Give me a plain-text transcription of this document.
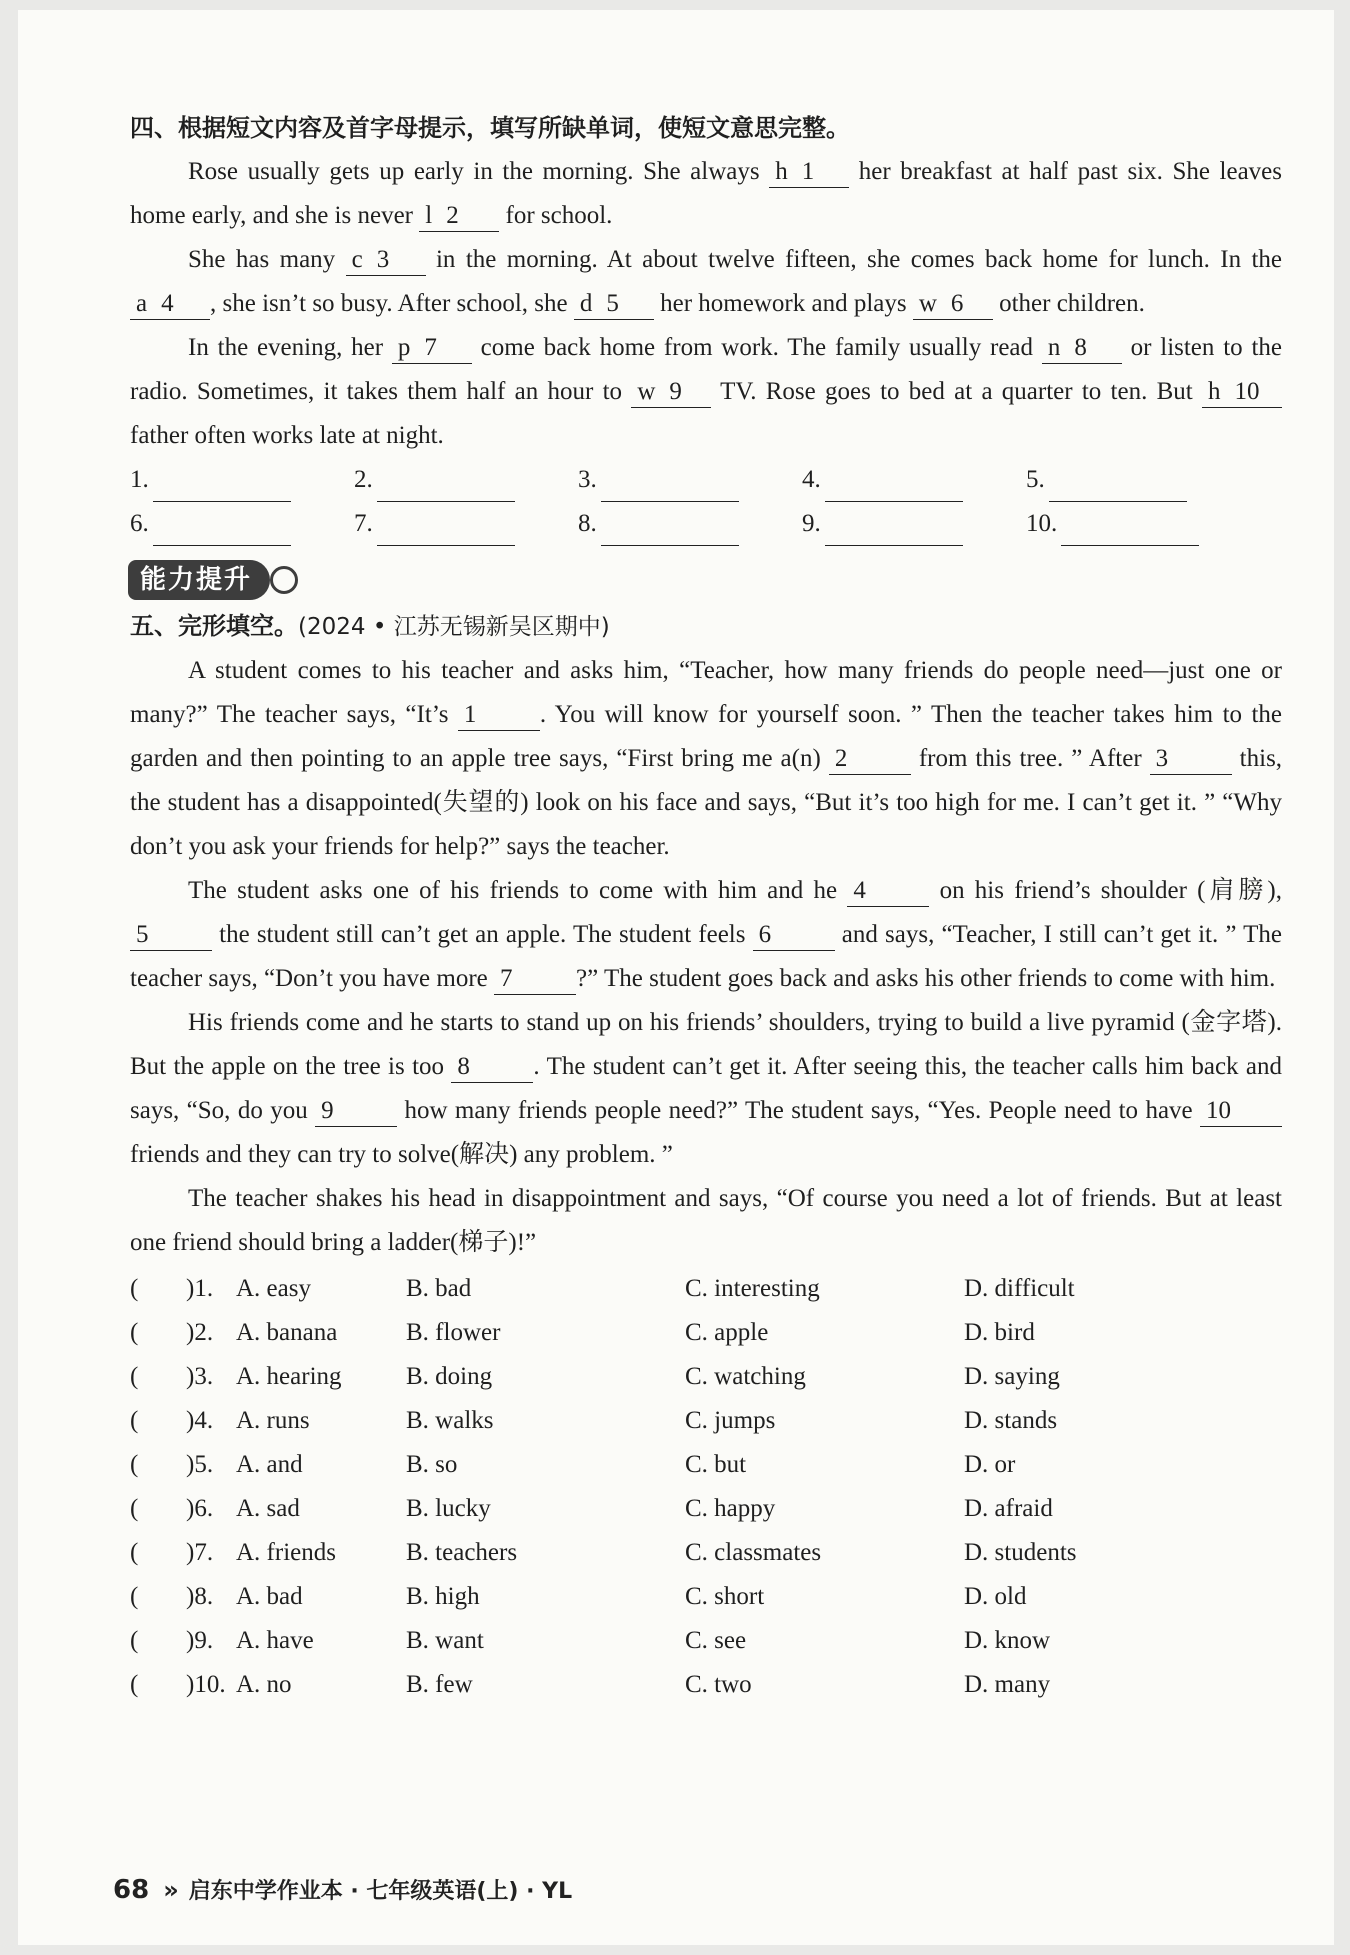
四、根据短文内容及首字母提示，填写所缺单词，使短文意思完整。

Rose usually gets up early in the morning. She always h 1 her breakfast at half past six. She leaves home early, and she is never l 2 for school.

She has many c 3 in the morning. At about twelve fifteen, she comes back home for lunch. In the a 4 , she isn’t so busy. After school, she d 5 her homework and plays w 6 other children.

In the evening, her p 7 come back home from work. The family usually read n 8 or listen to the radio. Sometimes, it takes them half an hour to w 9 TV. Rose goes to bed at a quarter to ten. But h 10 father often works late at night.

1.	2.	3.	4.	5.
6.	7.	8.	9.	10.
能力提升
五、完形填空。(2024 • 江苏无锡新吴区期中)

A student comes to his teacher and asks him, “Teacher, how many friends do people need—just one or many?” The teacher says, “It’s 1	. You will know for yourself soon. ” Then the teacher takes him to the garden and then pointing to an apple tree says, “First bring me a(n) 2	from this tree. ” After 3	this, the student has a disappointed(失望的) look on his face and says, “But it’s too high for me. I can’t get it. ” “Why don’t you ask your friends for help?” says the teacher.

The student asks one of his friends to come with him and he 4	on his friend’s shoulder (肩膀), 5	the student still can’t get an apple. The student feels 6	and says, “Teacher, I still can’t get it. ” The teacher says, “Don’t you have more 7	?” The student goes back and asks his other friends to come with him.

His friends come and he starts to stand up on his friends’ shoulders, trying to build a live pyramid (金字塔). But the apple on the tree is too 8	. The student can’t get it. After seeing this, the teacher calls him back and says, “So, do you 9	how many friends people need?” The student says, “Yes. People need to have 10 friends and they can try to solve(解决) any problem. ”

The teacher shakes his head in disappointment and says, “Of course you need a lot of friends. But at least one friend should bring a ladder(梯子)!”

(	)1. A. easy	B. bad	C. interesting	D. difficult
(	)2. A. banana	B. flower	C. apple	D. bird
(	)3. A. hearing	B. doing	C. watching	D. saying
(	)4. A. runs	B. walks	C. jumps	D. stands
(	)5. A. and	B. so	C. but	D. or
(	)6. A. sad	B. lucky	C. happy	D. afraid
(	)7. A. friends	B. teachers	C. classmates	D. students
(	)8. A. bad	B. high	C. short	D. old
(	)9. A. have	B. want	C. see	D. know
(	)10. A. no	B. few	C. two	D. many
68 » 启东中学作业本 · 七年级英语(上) · YL
